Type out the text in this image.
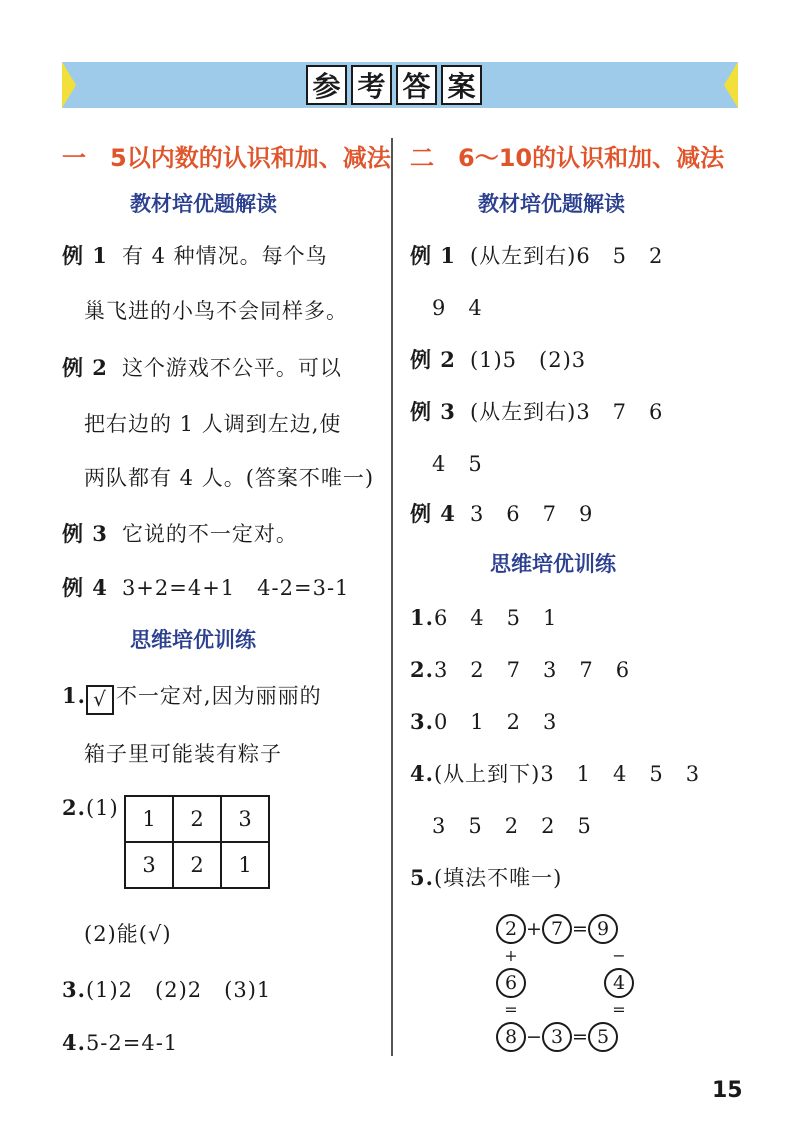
参 考 答 案
一　5以内数的认识和加、减法
教材培优题解读
例 1 有 4 种情况。每个鸟
巢飞进的小鸟不会同样多。
例 2 这个游戏不公平。可以
把右边的 1 人调到左边,使
两队都有 4 人。(答案不唯一)
例 3 它说的不一定对。
例 4 3+2=4+1　4-2=3-1
思维培优训练
1. √ 不一定对,因为丽丽的
箱子里可能装有粽子
2.(1) 1	2	3
3	2	1
(2)能(√)
3.(1)2　(2)2　(3)1
4.5-2=4-1
二　6～10的认识和加、减法
教材培优题解读
例 1 (从左到右)6　5　2
9　4
例 2 (1)5　(2)3
例 3 (从左到右)3　7　6
4　5
例 4 3　6　7　9
思维培优训练
1.6　4　5　1
2.3　2　7　3　7　6
3.0　1　2　3
4.(从上到下)3　1　4　5　3
3　5　2　2　5
5.(填法不唯一)
2 + 7 = 9
+	−
6	4
=	=
8 − 3 = 5
15
